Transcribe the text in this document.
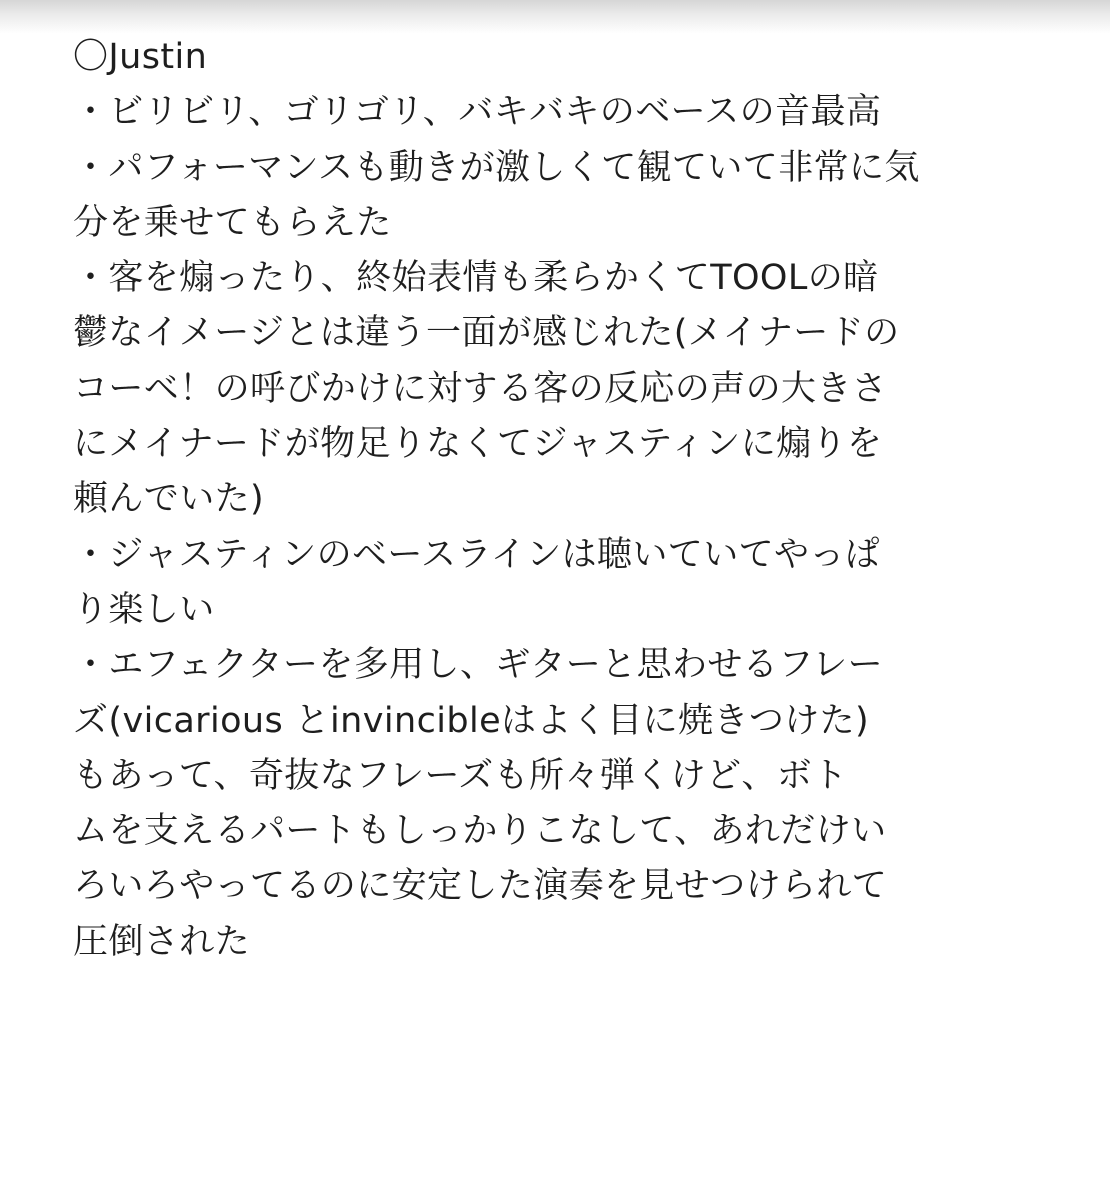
〇Justin
・ビリビリ、ゴリゴリ、バキバキのベースの音最高
・パフォーマンスも動きが激しくて観ていて非常に気
分を乗せてもらえた
・客を煽ったり、終始表情も柔らかくてTOOLの暗
鬱なイメージとは違う一面が感じれた(メイナードの
コーベ！の呼びかけに対する客の反応の声の大きさ
にメイナードが物足りなくてジャスティンに煽りを
頼んでいた)
・ジャスティンのベースラインは聴いていてやっぱ
り楽しい
・エフェクターを多用し、ギターと思わせるフレー
ズ(vicarious とinvincibleはよく目に焼きつけた)
もあって、奇抜なフレーズも所々弾くけど、ボト
ムを支えるパートもしっかりこなして、あれだけい
ろいろやってるのに安定した演奏を見せつけられて
圧倒された
